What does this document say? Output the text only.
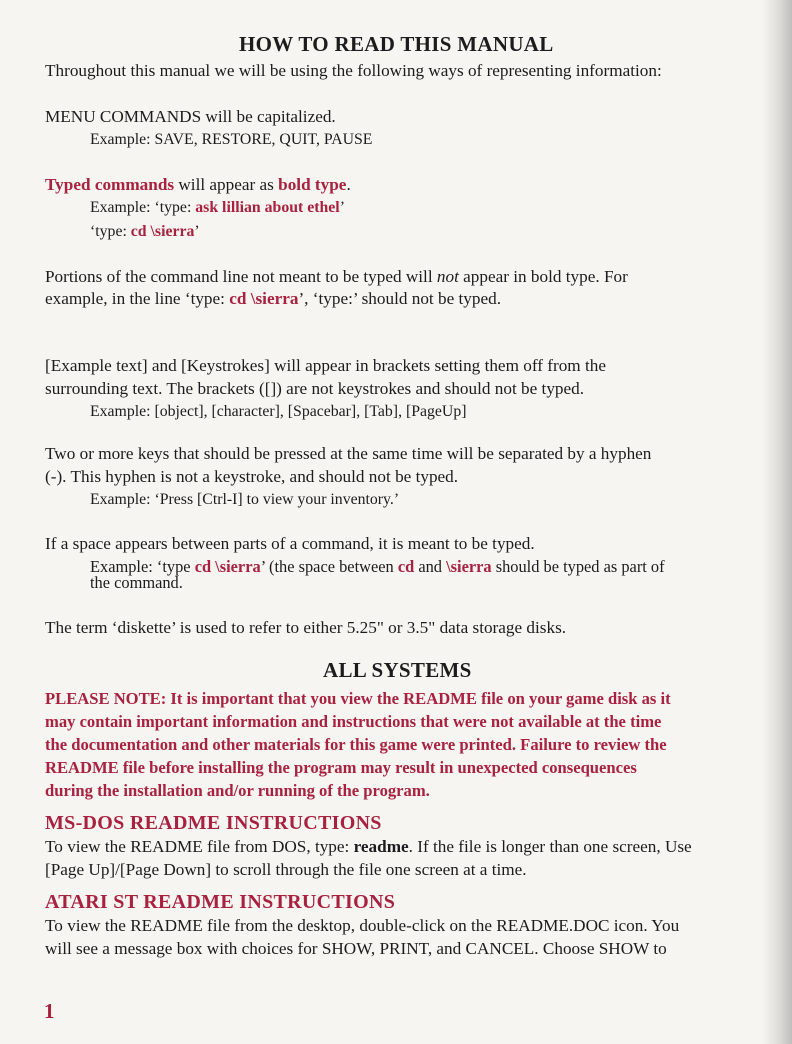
HOW TO READ THIS MANUAL
Throughout this manual we will be using the following ways of representing information:
MENU COMMANDS will be capitalized.
Example: SAVE, RESTORE, QUIT, PAUSE
Typed commands will appear as bold type.
Example: ‘type: ask lillian about ethel’
‘type: cd \sierra’
Portions of the command line not meant to be typed will not appear in bold type. For
example, in the line ‘type: cd \sierra’, ‘type:’ should not be typed.
[Example text] and [Keystrokes] will appear in brackets setting them off from the
surrounding text. The brackets ([]) are not keystrokes and should not be typed.
Example: [object], [character], [Spacebar], [Tab], [PageUp]
Two or more keys that should be pressed at the same time will be separated by a hyphen
(-). This hyphen is not a keystroke, and should not be typed.
Example: ‘Press [Ctrl-I] to view your inventory.’
If a space appears between parts of a command, it is meant to be typed.
Example: ‘type cd \sierra’ (the space between cd and \sierra should be typed as part of
the command.
The term ‘diskette’ is used to refer to either 5.25" or 3.5" data storage disks.
ALL SYSTEMS
PLEASE NOTE: It is important that you view the README file on your game disk as it
may contain important information and instructions that were not available at the time
the documentation and other materials for this game were printed. Failure to review the
README file before installing the program may result in unexpected consequences
during the installation and/or running of the program.
MS-DOS README INSTRUCTIONS
To view the README file from DOS, type: readme. If the file is longer than one screen, Use
[Page Up]/[Page Down] to scroll through the file one screen at a time.
ATARI ST README INSTRUCTIONS
To view the README file from the desktop, double-click on the README.DOC icon. You
will see a message box with choices for SHOW, PRINT, and CANCEL. Choose SHOW to
1
